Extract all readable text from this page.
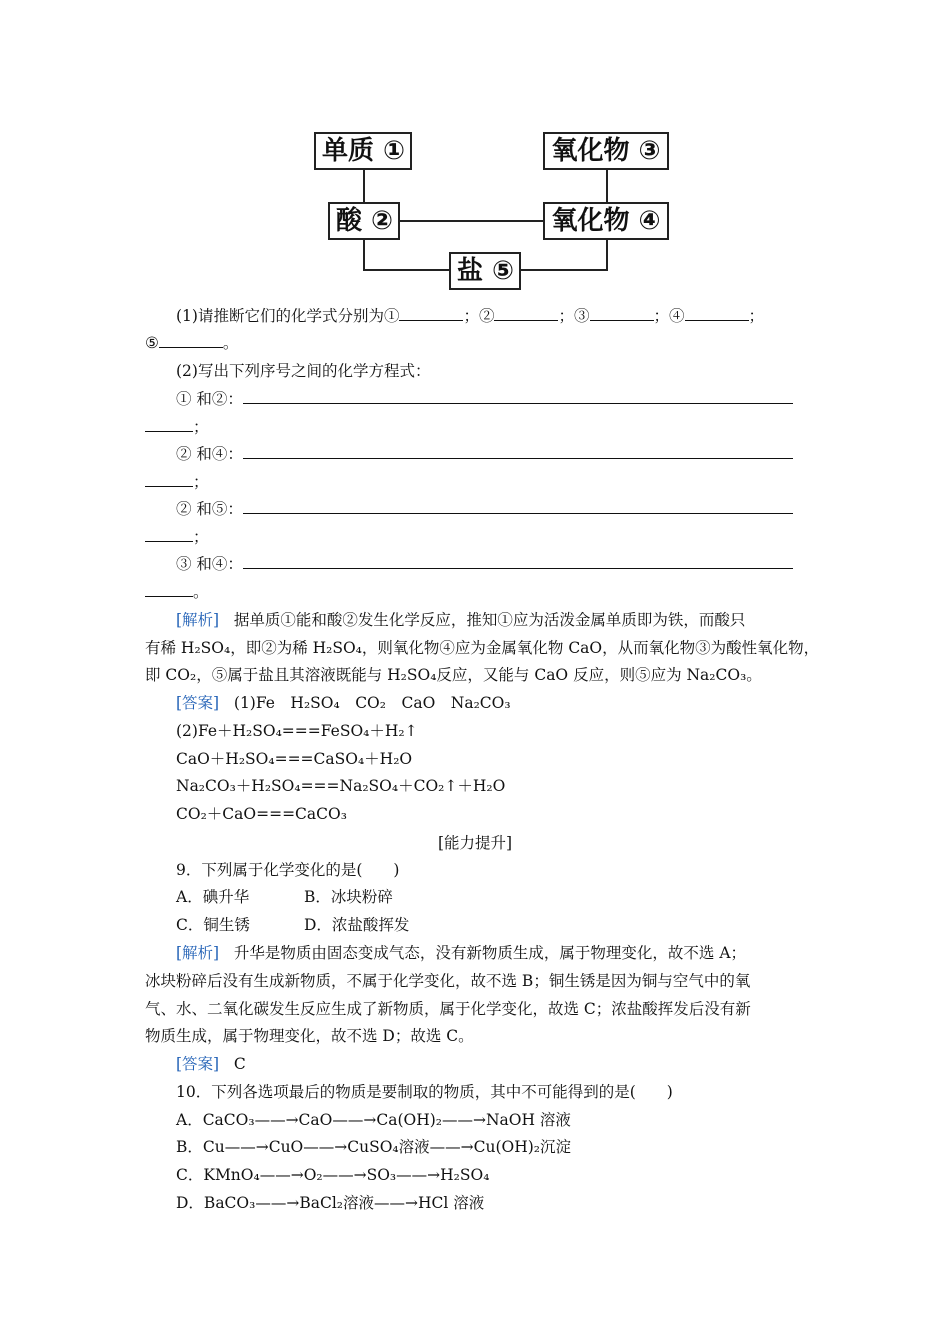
单质 ①	氧化物 ③
酸 ②	氧化物 ④
盐 ⑤
(1)请推断它们的化学式分别为①	；②	；③	；④	；
⑤	。
(2)写出下列序号之间的化学方程式：
① 和②：
；
② 和④：
；
② 和⑤：
；
③ 和④：
。
[解析] 据单质①能和酸②发生化学反应，推知①应为活泼金属单质即为铁，而酸只
有稀 H₂SO₄，即②为稀 H₂SO₄，则氧化物④应为金属氧化物 CaO，从而氧化物③为酸性氧化物，
即 CO₂，⑤属于盐且其溶液既能与 H₂SO₄反应，又能与 CaO 反应，则⑤应为 Na₂CO₃。
[答案] (1)Fe　H₂SO₄　CO₂　CaO　Na₂CO₃
(2)Fe＋H₂SO₄===FeSO₄＋H₂↑
CaO＋H₂SO₄===CaSO₄＋H₂O
Na₂CO₃＋H₂SO₄===Na₂SO₄＋CO₂↑＋H₂O
CO₂＋CaO===CaCO₃
[能力提升]
9．下列属于化学变化的是(　　)
A．碘升华	B．冰块粉碎
C．铜生锈	D．浓盐酸挥发
[解析] 升华是物质由固态变成气态，没有新物质生成，属于物理变化，故不选 A；
冰块粉碎后没有生成新物质，不属于化学变化，故不选 B；铜生锈是因为铜与空气中的氧
气、水、二氧化碳发生反应生成了新物质，属于化学变化，故选 C；浓盐酸挥发后没有新
物质生成，属于物理变化，故不选 D；故选 C。
[答案] C
10．下列各选项最后的物质是要制取的物质，其中不可能得到的是(　　)
A．CaCO₃——→CaO——→Ca(OH)₂——→NaOH 溶液
B．Cu——→CuO——→CuSO₄溶液——→Cu(OH)₂沉淀
C．KMnO₄——→O₂——→SO₃——→H₂SO₄
D．BaCO₃——→BaCl₂溶液——→HCl 溶液
